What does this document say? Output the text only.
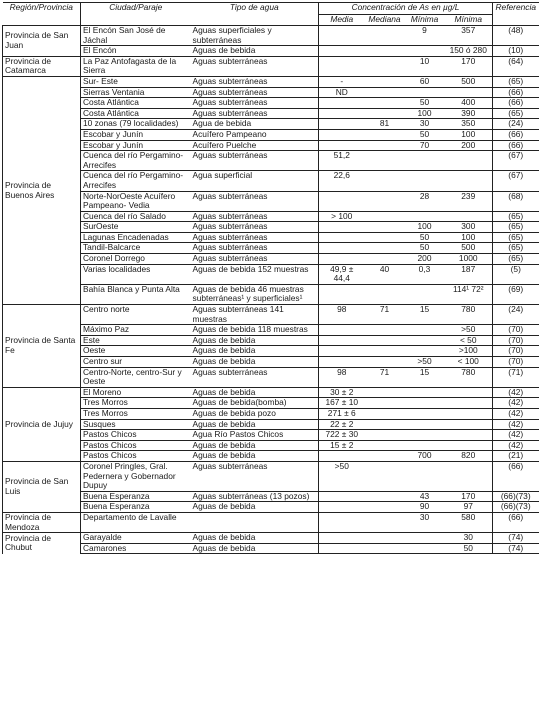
Región/Provincia	Ciudad/Paraje	Tipo de agua	Concentración de As en µg/L				Referencia
			Media	Mediana	Mínima	Mínima	
Provincia de San Juan	El Encón San José de Jáchal	Aguas superficiales y subterráneas			9	357	(48)
	El Encón	Aguas de bebida				150 ó 280	(10)
Provincia de Catamarca	La Paz Antofagasta de la Sierra	Aguas subterráneas			10	170	(64)
Provincia de Buenos Aires	Sur- Este	Aguas subterráneas	-		60	500	(65)
	Sierras Ventania	Aguas subterráneas	ND				(66)
	Costa Atlántica	Aguas subterráneas			50	400	(66)
	Costa Atlántica	Aguas subterráneas			100	390	(65)
	10 zonas (79 localidades)	Agua de bebida		81	30	350	(24)
	Escobar y Junín	Acuífero Pampeano			50	100	(66)
	Escobar y Junín	Acuífero Puelche			70	200	(66)
	Cuenca del río Pergamino-Arrecifes	Aguas subterráneas	51,2				(67)
	Cuenca del río Pergamino-Arrecifes	Agua superficial	22,6				(67)
	Norte-NorOeste Acuífero Pampeano- Vedia	Aguas subterráneas			28	239	(68)
	Cuenca del río Salado	Aguas subterráneas	> 100				(65)
	SurOeste	Aguas subterráneas			100	300	(65)
	Lagunas Encadenadas	Aguas subterráneas			50	100	(65)
	Tandil-Balcarce	Aguas subterráneas			50	500	(65)
	Coronel Dorrego	Aguas subterráneas			200	1000	(65)
	Varias localidades	Aguas de bebida 152 muestras	49,9 ± 44,4	40	0,3	187	(5)
	Bahía Blanca y Punta Alta	Aguas de bebida 46 muestras subterráneas¹ y superficiales¹				114¹ 72²	(69)
Provincia de Santa Fe	Centro norte	Aguas subterráneas 141 muestras	98	71	15	780	(24)
	Máximo Paz	Aguas de bebida 118 muestras				>50	(70)
	Este	Aguas de bebida				< 50	(70)
	Oeste	Aguas de bebida				>100	(70)
	Centro sur	Aguas de bebida			>50	< 100	(70)
	Centro-Norte, centro-Sur y Oeste	Aguas subterráneas	98	71	15	780	(71)
Provincia de Jujuy	El Moreno	Aguas de bebida	30 ± 2				(42)
	Tres Morros	Aguas de bebida(bomba)	167 ± 10				(42)
	Tres Morros	Aguas de bebida pozo	271 ± 6				(42)
	Susques	Aguas de bebida	22 ± 2				(42)
	Pastos Chicos	Agua Río Pastos Chicos	722 ± 30				(42)
	Pastos Chicos	Aguas de bebida	15 ± 2				(42)
	Pastos Chicos	Aguas de bebida			700	820	(21)
Provincia de San Luis	Coronel Pringles, Gral. Pedernera y Gobernador Dupuy	Aguas subterráneas	>50				(66)
	Buena Esperanza	Aguas subterráneas (13 pozos)			43	170	(66)(73)
	Buena Esperanza	Aguas de bebida			90	97	(66)(73)
Provincia de Mendoza	Departamento de Lavalle				30	580	(66)
Provincia de Chubut	Garayalde	Aguas de bebida				30	(74)
	Camarones	Aguas de bebida				50	(74)
